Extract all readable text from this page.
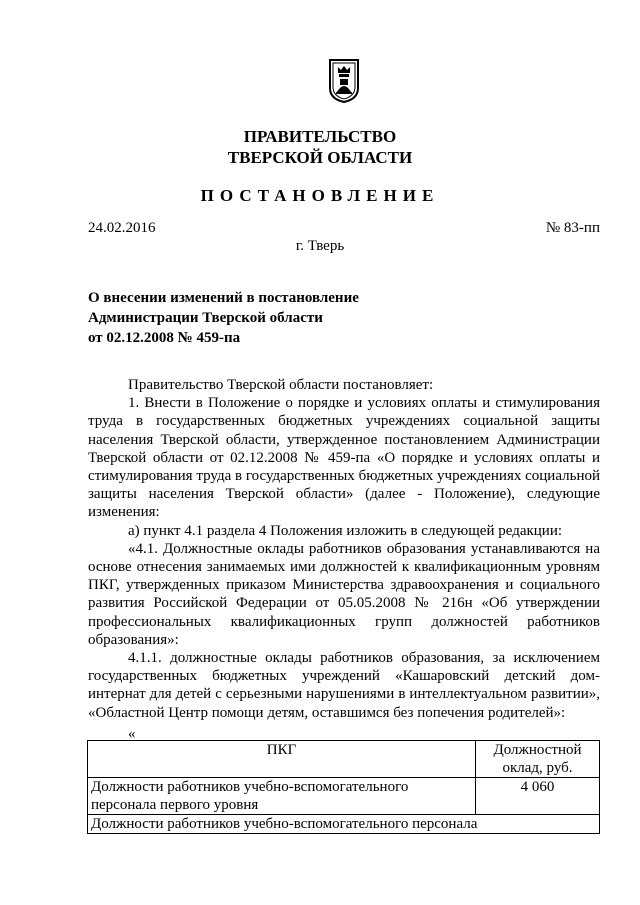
ПРАВИТЕЛЬСТВО
ТВЕРСКОЙ ОБЛАСТИ
ПОСТАНОВЛЕНИЕ
24.02.2016	№ 83-пп
г. Тверь
О внесении изменений в постановление
Администрации Тверской области
от 02.12.2008 № 459-па

Правительство Тверской области постановляет:

1. Внести в Положение о порядке и условиях оплаты и стимулирования труда в государственных бюджетных учреждениях социальной защиты населения Тверской области, утвержденное постановлением Администрации Тверской области от 02.12.2008 № 459-па «О порядке и условиях оплаты и стимулирования труда в государственных бюджетных учреждениях социальной защиты населения Тверской области» (далее - Положение), следующие изменения:

а) пункт 4.1 раздела 4 Положения изложить в следующей редакции:

«4.1. Должностные оклады работников образования устанавливаются на основе отнесения занимаемых ими должностей к квалификационным уровням ПКГ, утвержденных приказом Министерства здравоохранения и социального развития Российской Федерации от 05.05.2008 № 216н «Об утверждении профессиональных квалификационных групп должностей работников образования»:

4.1.1. должностные оклады работников образования, за исключением государственных бюджетных учреждений «Кашаровский детский дом-интернат для детей с серьезными нарушениями в интеллектуальном развитии», «Областной Центр помощи детям, оставшимся без попечения родителей»:

«
ПКГ	Должностной оклад, руб.
Должности работников учебно-вспомогательного персонала первого уровня	4 060
Должности работников учебно-вспомогательного персонала	
